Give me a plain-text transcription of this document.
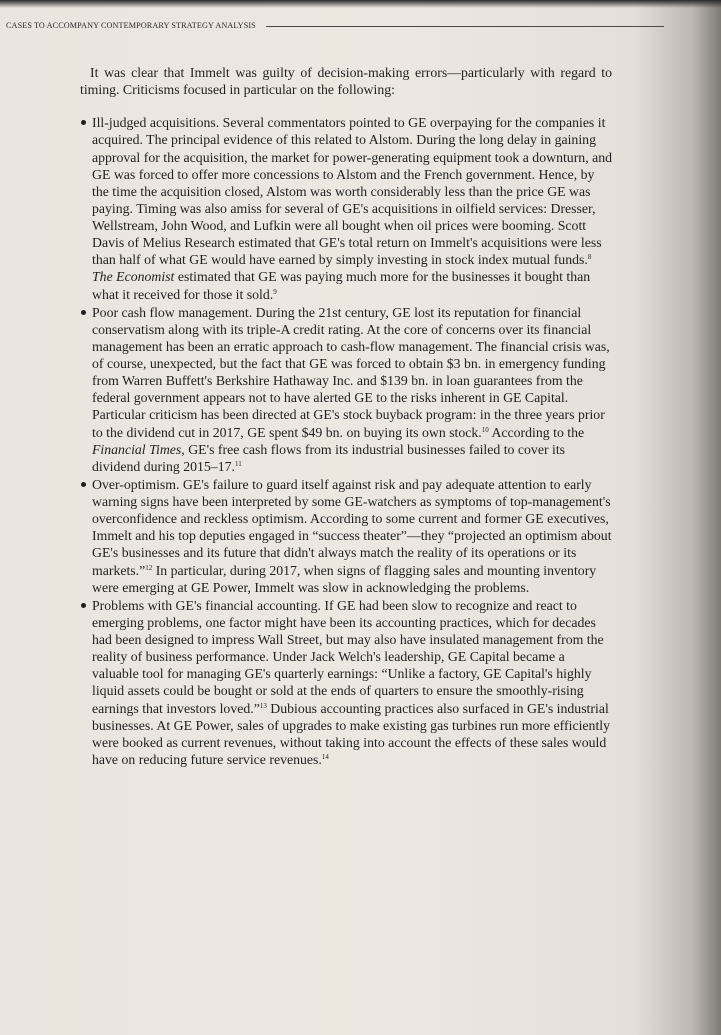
CASES TO ACCOMPANY CONTEMPORARY STRATEGY ANALYSIS

It was clear that Immelt was guilty of decision-making errors—particularly with regard to timing. Criticisms focused in particular on the following:

Ill-judged acquisitions. Several commentators pointed to GE overpaying for the companies it acquired. The principal evidence of this related to Alstom. During the long delay in gaining approval for the acquisition, the market for power-generating equipment took a downturn, and GE was forced to offer more concessions to Alstom and the French government. Hence, by the time the acquisition closed, Alstom was worth considerably less than the price GE was paying. Timing was also amiss for several of GE's acquisitions in oilfield services: Dresser, Wellstream, John Wood, and Lufkin were all bought when oil prices were booming. Scott Davis of Melius Research estimated that GE's total return on Immelt's acquisitions were less than half of what GE would have earned by simply investing in stock index mutual funds.$^8$ The Economist estimated that GE was paying much more for the businesses it bought than what it received for those it sold.$^9$
Poor cash flow management. During the 21st century, GE lost its reputation for financial conservatism along with its triple-A credit rating. At the core of concerns over its financial management has been an erratic approach to cash-flow management. The financial crisis was, of course, unexpected, but the fact that GE was forced to obtain $3 bn. in emergency funding from Warren Buffett's Berkshire Hathaway Inc. and $139 bn. in loan guarantees from the federal government appears not to have alerted GE to the risks inherent in GE Capital. Particular criticism has been directed at GE's stock buyback program: in the three years prior to the dividend cut in 2017, GE spent $49 bn. on buying its own stock.$^{10}$ According to the Financial Times, GE's free cash flows from its industrial businesses failed to cover its dividend during 2015–17.11
Over-optimism. GE's failure to guard itself against risk and pay adequate attention to early warning signs have been interpreted by some GE-watchers as symptoms of top-management's overconfidence and reckless optimism. According to some current and former GE executives, Immelt and his top deputies engaged in “success theater”—they “projected an optimism about GE's businesses and its future that didn't always match the reality of its operations or its markets.”$^{12}$ In particular, during 2017, when signs of flagging sales and mounting inventory were emerging at GE Power, Immelt was slow in acknowledging the problems.
Problems with GE's financial accounting. If GE had been slow to recognize and react to emerging problems, one factor might have been its accounting practices, which for decades had been designed to impress Wall Street, but may also have insulated management from the reality of business performance. Under Jack Welch's leadership, GE Capital became a valuable tool for managing GE's quarterly earnings: “Unlike a factory, GE Capital's highly liquid assets could be bought or sold at the ends of quarters to ensure the smoothly-rising earnings that investors loved.”$^{13}$ Dubious accounting practices also surfaced in GE's industrial businesses. At GE Power, sales of upgrades to make existing gas turbines run more efficiently were booked as current revenues, without taking into account the effects of these sales would have on reducing future service revenues.$^{14}$
